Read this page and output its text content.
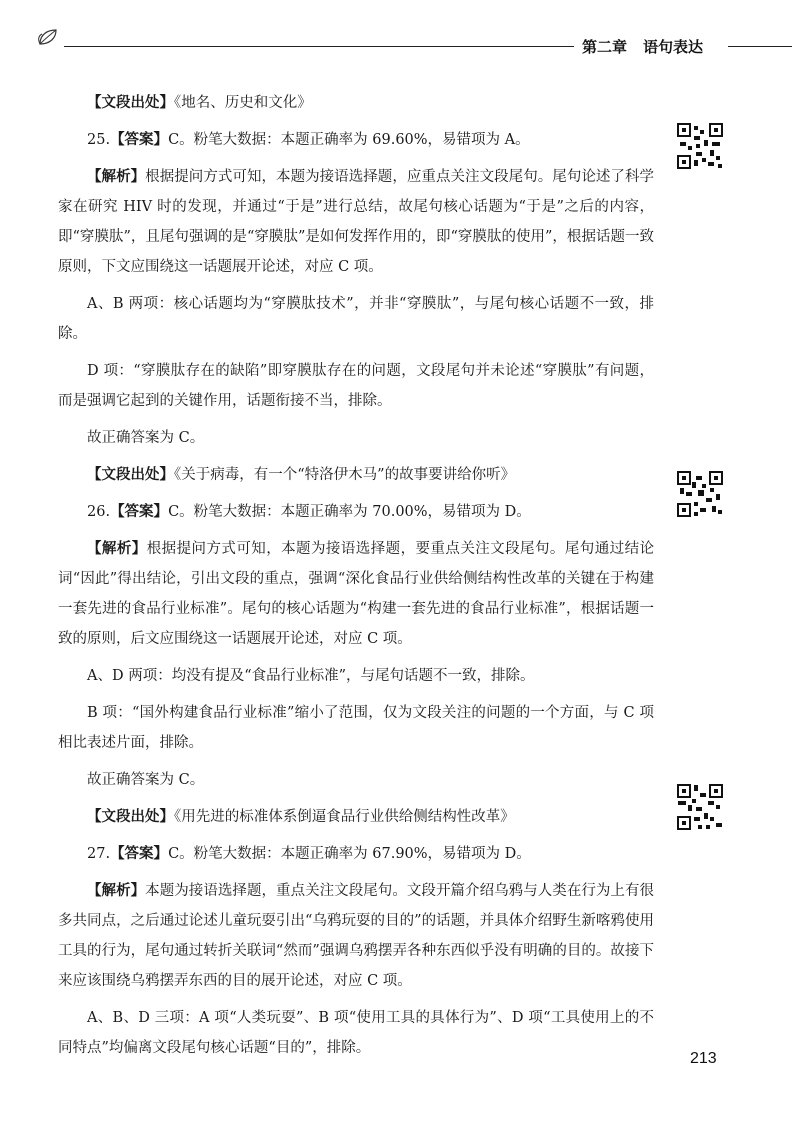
第二章 语句表达

【文段出处】《地名、历史和文化》

25.【答案】C。粉笔大数据：本题正确率为 69.60%，易错项为 A。

【解析】根据提问方式可知，本题为接语选择题，应重点关注文段尾句。尾句论述了科学家在研究 HIV 时的发现，并通过“于是”进行总结，故尾句核心话题为“于是”之后的内容，即“穿膜肽”，且尾句强调的是“穿膜肽”是如何发挥作用的，即“穿膜肽的使用”，根据话题一致原则，下文应围绕这一话题展开论述，对应 C 项。

A、B 两项：核心话题均为“穿膜肽技术”，并非“穿膜肽”，与尾句核心话题不一致，排除。

D 项：“穿膜肽存在的缺陷”即穿膜肽存在的问题，文段尾句并未论述“穿膜肽”有问题，而是强调它起到的关键作用，话题衔接不当，排除。

故正确答案为 C。

【文段出处】《关于病毒，有一个“特洛伊木马”的故事要讲给你听》

26.【答案】C。粉笔大数据：本题正确率为 70.00%，易错项为 D。

【解析】根据提问方式可知，本题为接语选择题，要重点关注文段尾句。尾句通过结论词“因此”得出结论，引出文段的重点，强调“深化食品行业供给侧结构性改革的关键在于构建一套先进的食品行业标准”。尾句的核心话题为“构建一套先进的食品行业标准”，根据话题一致的原则，后文应围绕这一话题展开论述，对应 C 项。

A、D 两项：均没有提及“食品行业标准”，与尾句话题不一致，排除。

B 项：“国外构建食品行业标准”缩小了范围，仅为文段关注的问题的一个方面，与 C 项相比表述片面，排除。

故正确答案为 C。

【文段出处】《用先进的标准体系倒逼食品行业供给侧结构性改革》

27.【答案】C。粉笔大数据：本题正确率为 67.90%，易错项为 D。

【解析】本题为接语选择题，重点关注文段尾句。文段开篇介绍乌鸦与人类在行为上有很多共同点，之后通过论述儿童玩耍引出“乌鸦玩耍的目的”的话题，并具体介绍野生新喀鸦使用工具的行为，尾句通过转折关联词“然而”强调乌鸦摆弄各种东西似乎没有明确的目的。故接下来应该围绕乌鸦摆弄东西的目的展开论述，对应 C 项。

A、B、D 三项：A 项“人类玩耍”、B 项“使用工具的具体行为”、D 项“工具使用上的不同特点”均偏离文段尾句核心话题“目的”，排除。

213
